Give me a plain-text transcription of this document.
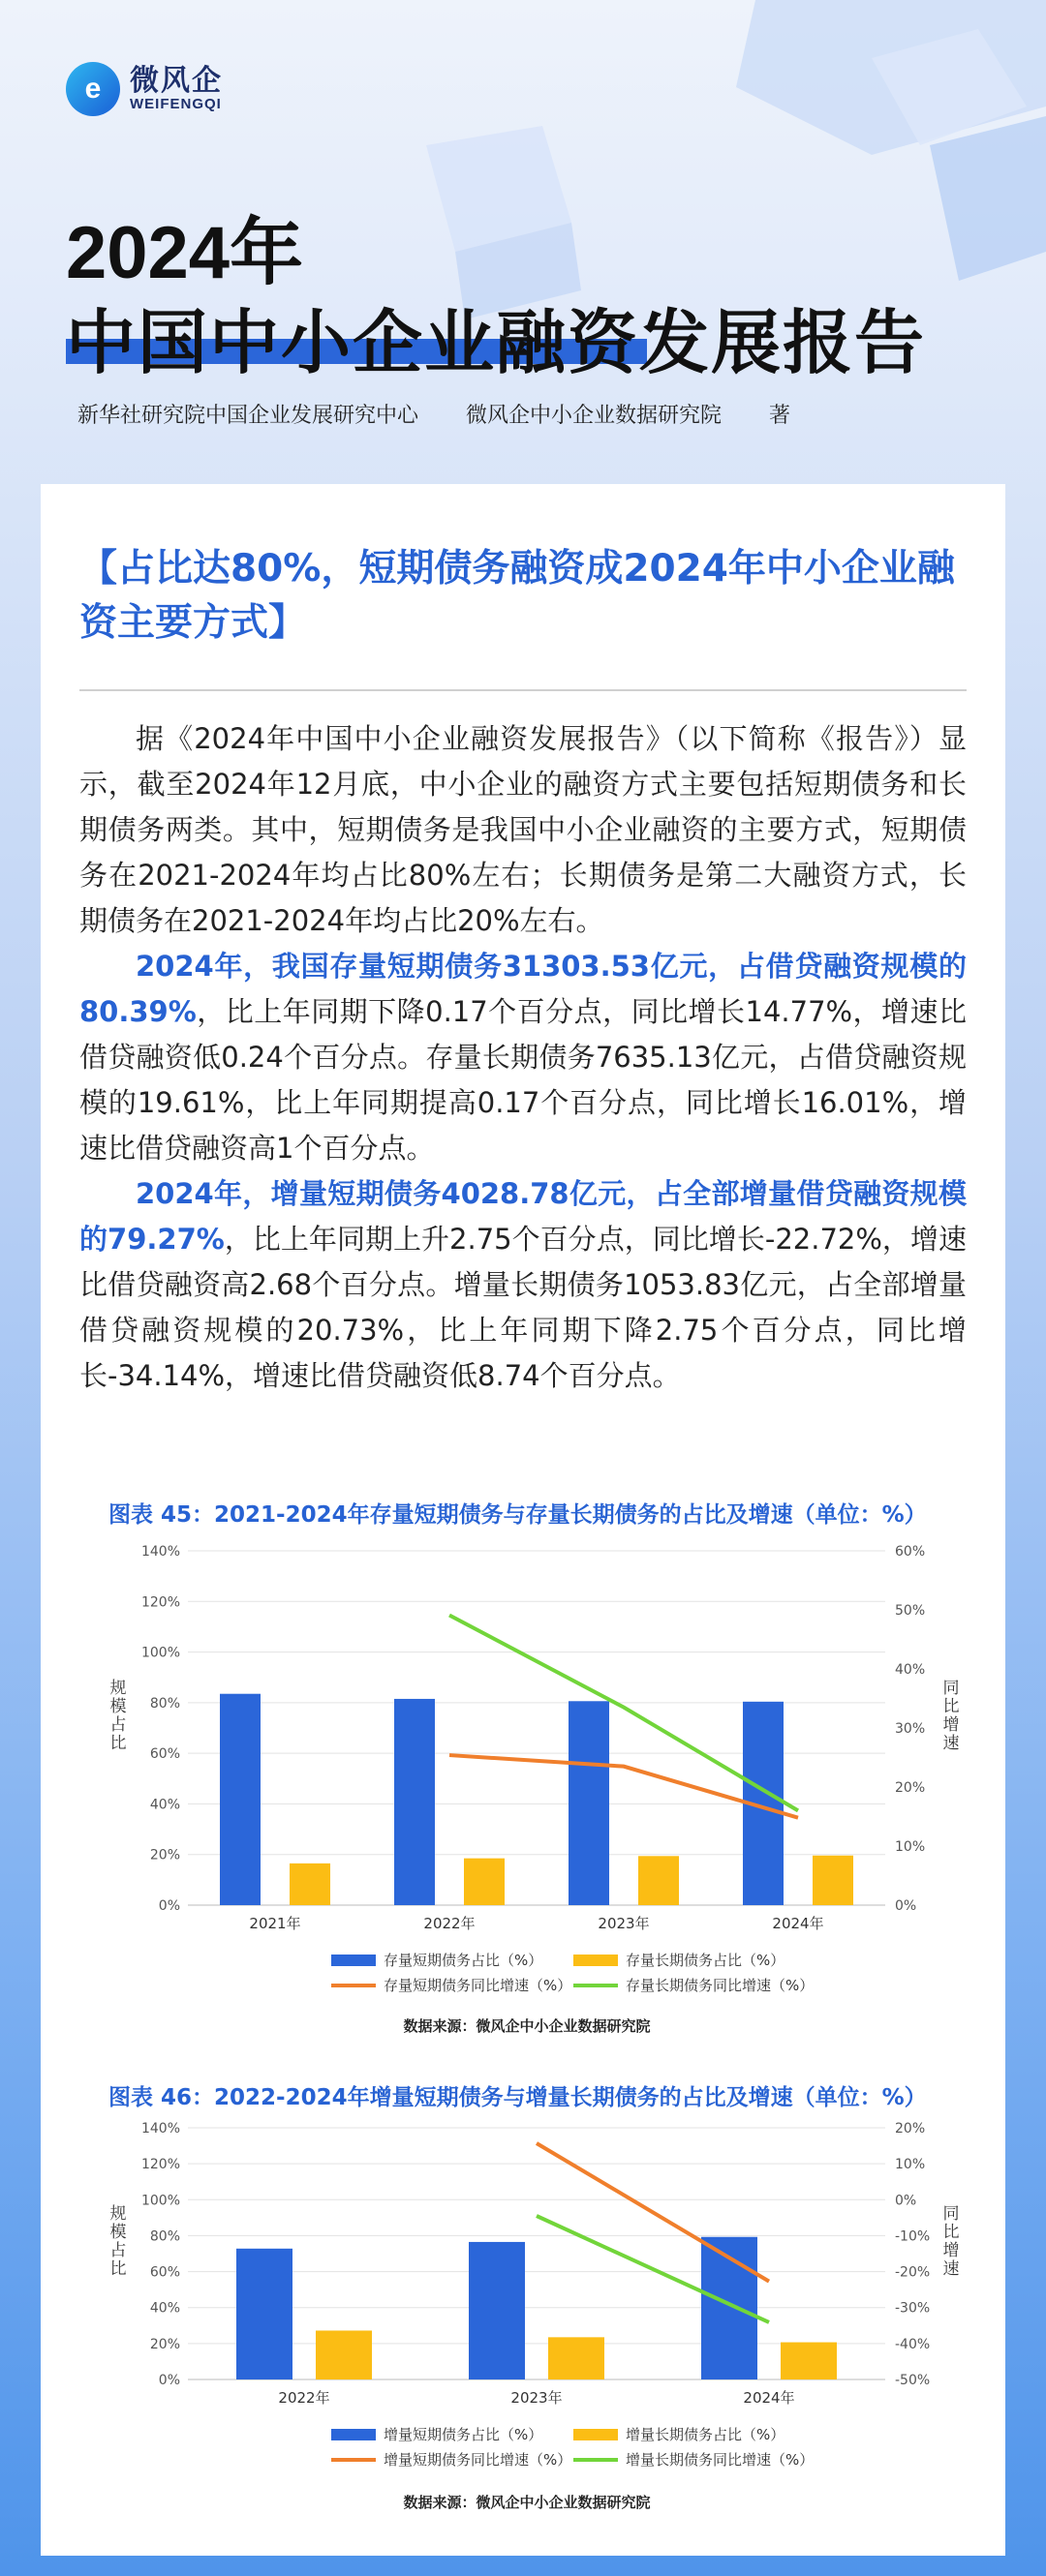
e 微风企
WEIFENGQI
2024年
中国中小企业融资发展报告
新华社研究院中国企业发展研究中心 微风企中小企业数据研究院 著
【占比达80%，短期债务融资成2024年中小企业融资主要方式】

据《2024年中国中小企业融资发展报告》（以下简称《报告》）显示，截至2024年12月底，中小企业的融资方式主要包括短期债务和长期债务两类。其中，短期债务是我国中小企业融资的主要方式，短期债务在2021-2024年均占比80%左右；长期债务是第二大融资方式，长期债务在2021-2024年均占比20%左右。

2024年，我国存量短期债务31303.53亿元，占借贷融资规模的80.39%，比上年同期下降0.17个百分点，同比增长14.77%，增速比借贷融资低0.24个百分点。存量长期债务7635.13亿元，占借贷融资规模的19.61%，比上年同期提高0.17个百分点，同比增长16.01%，增速比借贷融资高1个百分点。

2024年，增量短期债务4028.78亿元，占全部增量借贷融资规模的79.27%，比上年同期上升2.75个百分点，同比增长-22.72%，增速比借贷融资高2.68个百分点。增量长期债务1053.83亿元，占全部增量借贷融资规模的20.73%，比上年同期下降2.75个百分点，同比增长-34.14%，增速比借贷融资低8.74个百分点。

图表 45：2021-2024年存量短期债务与存量长期债务的占比及增速（单位：%）
140%
120%
100%
80%
60%
40%
20%
0%
60%
50%
40%
30%
20%
10%
0%
规模占比
同比增速
2021年	2022年	2023年	2024年
存量短期债务占比（%）	存量长期债务占比（%）
存量短期债务同比增速（%）	存量长期债务同比增速（%）
数据来源：微风企中小企业数据研究院
图表 46：2022-2024年增量短期债务与增量长期债务的占比及增速（单位：%）
140%
120%
100%
80%
60%
40%
20%
0%
20%
10%
0%
-10%
-20%
-30%
-40%
-50%
规模占比
同比增速
2022年	2023年	2024年
增量短期债务占比（%）	增量长期债务占比（%）
增量短期债务同比增速（%）	增量长期债务同比增速（%）
数据来源：微风企中小企业数据研究院
